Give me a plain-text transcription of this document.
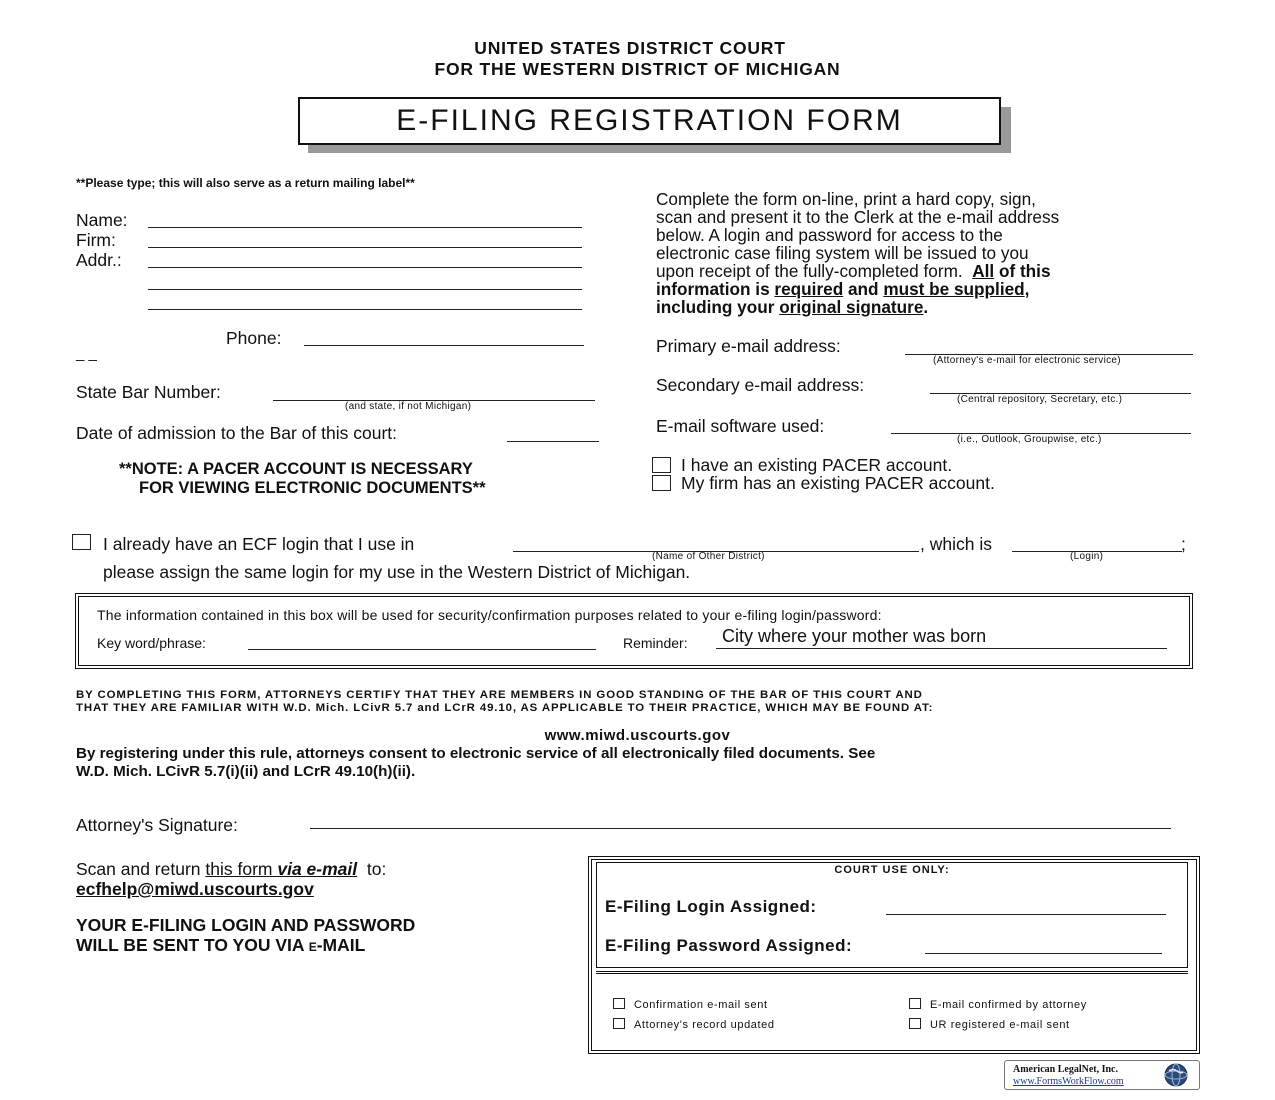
UNITED STATES DISTRICT COURT
FOR THE WESTERN DISTRICT OF MICHIGAN
E-FILING REGISTRATION FORM
**Please type; this will also serve as a return mailing label**
Name:
Firm:
Addr.:
Phone:
_ _
State Bar Number:
(and state, if not Michigan)
Date of admission to the Bar of this court:
**NOTE: A PACER ACCOUNT IS NECESSARY
FOR VIEWING ELECTRONIC DOCUMENTS**
Complete the form on-line, print a hard copy, sign,
scan and present it to the Clerk at the e-mail address
below. A login and password for access to the
electronic case filing system will be issued to you
upon receipt of the fully-completed form.  All of this
information is required and must be supplied,
including your original signature.
Primary e-mail address:
(Attorney's e-mail for electronic service)
Secondary e-mail address:
(Central repository, Secretary, etc.)
E-mail software used:
(i.e., Outlook, Groupwise, etc.)
I have an existing PACER account.
My firm has an existing PACER account.
I already have an ECF login that I use in	, which is	;
(Name of Other District)	(Login)
please assign the same login for my use in the Western District of Michigan.
The information contained in this box will be used for security/confirmation purposes related to your e-filing login/password:
Key word/phrase:	Reminder: City where your mother was born
BY COMPLETING THIS FORM, ATTORNEYS CERTIFY THAT THEY ARE MEMBERS IN GOOD STANDING OF THE BAR OF THIS COURT AND
THAT THEY ARE FAMILIAR WITH W.D. Mich. LCivR 5.7 and LCrR 49.10, AS APPLICABLE TO THEIR PRACTICE, WHICH MAY BE FOUND AT:
www.miwd.uscourts.gov
By registering under this rule, attorneys consent to electronic service of all electronically filed documents. See
W.D. Mich. LCivR 5.7(i)(ii) and LCrR 49.10(h)(ii).
Attorney's Signature:
Scan and return this form via e-mail  to:
ecfhelp@miwd.uscourts.gov
YOUR E-FILING LOGIN AND PASSWORD
WILL BE SENT TO YOU VIA E-MAIL
COURT USE ONLY:
E-Filing Login Assigned:
E-Filing Password Assigned:
Confirmation e-mail sent	E-mail confirmed by attorney
Attorney's record updated	UR registered e-mail sent
American LegalNet, Inc.
www.FormsWorkFlow.com
